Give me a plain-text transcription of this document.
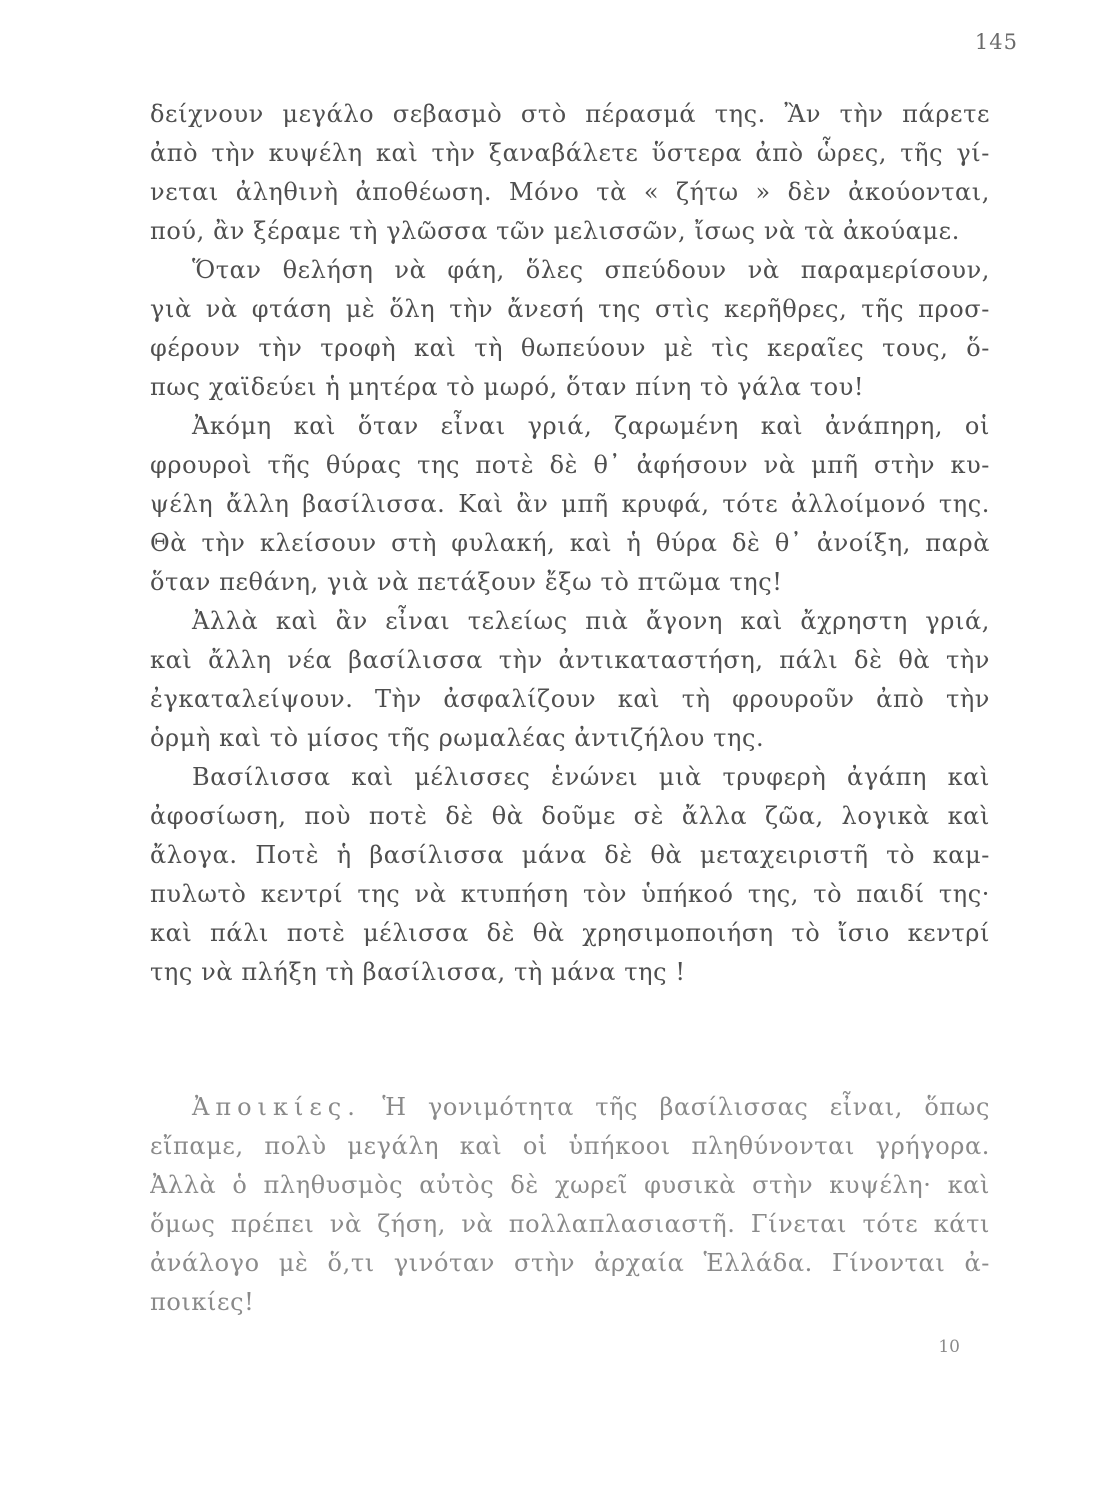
145
δείχνουν μεγάλο σεβασμὸ στὸ πέρασμά της. Ἂν τὴν πάρετε
ἀπὸ τὴν κυψέλη καὶ τὴν ξαναβάλετε ὕστερα ἀπὸ ὧρες, τῆς γί-
νεται ἀληθινὴ ἀποθέωση. Μόνο τὰ « ζήτω » δὲν ἀκούονται,
πού, ἂν ξέραμε τὴ γλῶσσα τῶν μελισσῶν, ἴσως νὰ τὰ ἀκούαμε.
Ὅταν θελήση νὰ φάη, ὅλες σπεύδουν νὰ παραμερίσουν,
γιὰ νὰ φτάση μὲ ὅλη τὴν ἄνεσή της στὶς κερῆθρες, τῆς προσ-
φέρουν τὴν τροφὴ καὶ τὴ θωπεύουν μὲ τὶς κεραῖες τους, ὅ-
πως χαϊδεύει ἡ μητέρα τὸ μωρό, ὅταν πίνη τὸ γάλα του!
Ἀκόμη καὶ ὅταν εἶναι γριά, ζαρωμένη καὶ ἀνάπηρη, οἱ
φρουροὶ τῆς θύρας της ποτὲ δὲ θ᾽ ἀφήσουν νὰ μπῆ στὴν κυ-
ψέλη ἄλλη βασίλισσα. Καὶ ἂν μπῆ κρυφά, τότε ἀλλοίμονό της.
Θὰ τὴν κλείσουν στὴ φυλακή, καὶ ἡ θύρα δὲ θ᾽ ἀνοίξη, παρὰ
ὅταν πεθάνη, γιὰ νὰ πετάξουν ἔξω τὸ πτῶμα της!
Ἀλλὰ καὶ ἂν εἶναι τελείως πιὰ ἄγονη καὶ ἄχρηστη γριά,
καὶ ἄλλη νέα βασίλισσα τὴν ἀντικαταστήση, πάλι δὲ θὰ τὴν
ἐγκαταλείψουν. Τὴν ἀσφαλίζουν καὶ τὴ φρουροῦν ἀπὸ τὴν
ὁρμὴ καὶ τὸ μίσος τῆς ρωμαλέας ἀντιζήλου της.
Βασίλισσα καὶ μέλισσες ἑνώνει μιὰ τρυφερὴ ἀγάπη καὶ
ἀφοσίωση, ποὺ ποτὲ δὲ θὰ δοῦμε σὲ ἄλλα ζῶα, λογικὰ καὶ
ἄλογα. Ποτὲ ἡ βασίλισσα μάνα δὲ θὰ μεταχειριστῆ τὸ καμ-
πυλωτὸ κεντρί της νὰ κτυπήση τὸν ὑπήκοό της, τὸ παιδί της·
καὶ πάλι ποτὲ μέλισσα δὲ θὰ χρησιμοποιήση τὸ ἴσιο κεντρί
της νὰ πλήξη τὴ βασίλισσα, τὴ μάνα της !
Ἀποικίες. Ἡ γονιμότητα τῆς βασίλισσας εἶναι, ὅπως
εἴπαμε, πολὺ μεγάλη καὶ οἱ ὑπήκοοι πληθύνονται γρήγορα.
Ἀλλὰ ὁ πληθυσμὸς αὐτὸς δὲ χωρεῖ φυσικὰ στὴν κυψέλη· καὶ
ὅμως πρέπει νὰ ζήση, νὰ πολλαπλασιαστῆ. Γίνεται τότε κάτι
ἀνάλογο μὲ ὅ,τι γινόταν στὴν ἀρχαία Ἑλλάδα. Γίνονται ἀ-
ποικίες!
10
